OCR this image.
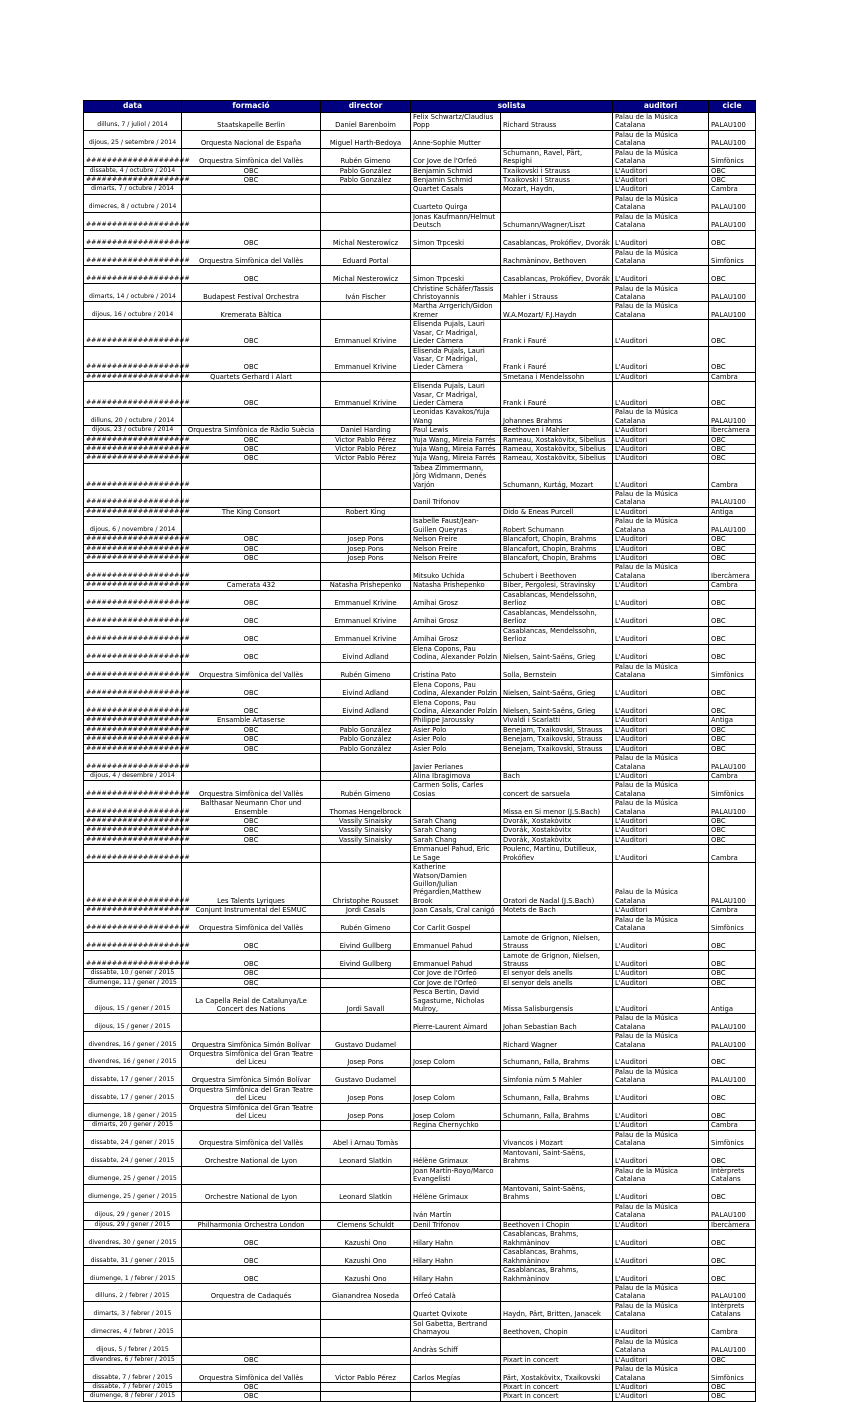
data	formació	director	solista		auditori	cicle
dilluns, 7 / juliol / 2014	Staatskapelle Berlin	Daniel Barenboim	Felix Schwartz/Claudius Popp	Richard Strauss	Palau de la Música Catalana	PALAU100
dijous, 25 / setembre / 2014	Orquesta Nacional de España	Miguel Harth-Bedoya	Anne-Sophie Mutter		Palau de la Música Catalana	PALAU100
####################	Orquestra Simfònica del Vallès	Rubén Gimeno	Cor Jove de l'Orfeó	Schumann, Ravel, Pärt, Respighi	Palau de la Música Catalana	Simfònics
dissabte, 4 / octubre / 2014	OBC	Pablo González	Benjamin Schmid	Txaikovski i Strauss	L'Auditori	OBC
####################	OBC	Pablo González	Benjamin Schmid	Txaikovski i Strauss	L'Auditori	OBC
dimarts, 7 / octubre / 2014			Quartet Casals	Mozart, Haydn,	L'Auditori	Cambra
dimecres, 8 / octubre / 2014			Cuarteto Quirga		Palau de la Música Catalana	PALAU100
####################			Jonas Kaufmann/Helmut Deutsch	Schumann/Wagner/Liszt	Palau de la Música Catalana	PALAU100
####################	OBC	Michal Nesterowicz	Simon Trpceski	Casablancas, Prokófiev, Dvorák	L'Auditori	OBC
####################	Orquestra Simfònica del Vallès	Eduard Portal		Rachmàninov, Bethoven	Palau de la Música Catalana	Simfònics
####################	OBC	Michal Nesterowicz	Simon Trpceski	Casablancas, Prokófiev, Dvorák	L'Auditori	OBC
dimarts, 14 / octubre / 2014	Budapest Festival Orchestra	Iván Fischer	Christine Schäfer/Tassis Christoyannis	Mahler i Strauss	Palau de la Música Catalana	PALAU100
dijous, 16 / octubre / 2014	Kremerata Bàltica		Martha Arrgerich/Gidon Kremer	W.A.Mozart/ F.J.Haydn	Palau de la Música Catalana	PALAU100
####################	OBC	Emmanuel Krivine	Elisenda Pujals, Lauri Vasar, Cr Madrigal, Lieder Càmera	Frank i Fauré	L'Auditori	OBC
####################	OBC	Emmanuel Krivine	Elisenda Pujals, Lauri Vasar, Cr Madrigal, Lieder Càmera	Frank i Fauré	L'Auditori	OBC
####################	Quartets Gerhard i Alart			Smetana i Mendelssohn	L'Auditori	Cambra
####################	OBC	Emmanuel Krivine	Elisenda Pujals, Lauri Vasar, Cr Madrigal, Lieder Càmera	Frank i Fauré	L'Auditori	OBC
dilluns, 20 / octubre / 2014			Leonidas Kavakos/Yuja Wang	Johannes Brahms	Palau de la Música Catalana	PALAU100
dijous, 23 / octubre / 2014	Orquestra Simfònica de Ràdio Suècia	Daniel Harding	Paul Lewis	Beethoven i Mahler	L'Auditori	Ibercàmera
####################	OBC	Victor Pablo Pérez	Yuja Wang, Mireia Farrés	Rameau, Xostakòvitx, Sibelius	L'Auditori	OBC
####################	OBC	Victor Pablo Pérez	Yuja Wang, Mireia Farrés	Rameau, Xostakòvitx, Sibelius	L'Auditori	OBC
####################	OBC	Victor Pablo Pérez	Yuja Wang, Mireia Farrés	Rameau, Xostakòvitx, Sibelius	L'Auditori	OBC
####################			Tabea Zimmermann, Jörg Widmann, Denés Varjón	Schumann, Kurtág, Mozart	L'Auditori	Cambra
####################			Danil Trifonov		Palau de la Música Catalana	PALAU100
####################	The King Consort	Robert King		Dido & Eneas Purcell	L'Auditori	Antiga
dijous, 6 / novembre / 2014			Isabelle Faust/Jean-Guillen Queyras	Robert Schumann	Palau de la Música Catalana	PALAU100
####################	OBC	Josep Pons	Nelson Freire	Blancafort, Chopin, Brahms	L'Auditori	OBC
####################	OBC	Josep Pons	Nelson Freire	Blancafort, Chopin, Brahms	L'Auditori	OBC
####################	OBC	Josep Pons	Nelson Freire	Blancafort, Chopin, Brahms	L'Auditori	OBC
####################			Mitsuko Uchida	Schubert i Beethoven	Palau de la Música Catalana	Ibercàmera
####################	Camerata 432	Natasha Prishepenko	Natasha Prishepenko	Biber, Pergolesi, Stravinsky	L'Auditori	Cambra
####################	OBC	Emmanuel Krivine	Amihai Grosz	Casablancas, Mendelssohn, Berlioz	L'Auditori	OBC
####################	OBC	Emmanuel Krivine	Amihai Grosz	Casablancas, Mendelssohn, Berlioz	L'Auditori	OBC
####################	OBC	Emmanuel Krivine	Amihai Grosz	Casablancas, Mendelssohn, Berlioz	L'Auditori	OBC
####################	OBC	Eivind Adland	Elena Copons, Pau Codina, Alexander Polzin	Nielsen, Saint-Saëns, Grieg	L'Auditori	OBC
####################	Orquestra Simfònica del Vallès	Rubén Gimeno	Cristina Pato	Solla, Bernstein	Palau de la Música Catalana	Simfònics
####################	OBC	Eivind Adland	Elena Copons, Pau Codina, Alexander Polzin	Nielsen, Saint-Saëns, Grieg	L'Auditori	OBC
####################	OBC	Eivind Adland	Elena Copons, Pau Codina, Alexander Polzin	Nielsen, Saint-Saëns, Grieg	L'Auditori	OBC
####################	Ensamble Artaserse		Philippe Jaroussky	Vivaldi i Scarlatti	L'Auditori	Antiga
####################	OBC	Pablo González	Asier Polo	Benejam, Txaikovski, Strauss	L'Auditori	OBC
####################	OBC	Pablo González	Asier Polo	Benejam, Txaikovski, Strauss	L'Auditori	OBC
####################	OBC	Pablo González	Asier Polo	Benejam, Txaikovski, Strauss	L'Auditori	OBC
####################			Javier Perianes		Palau de la Música Catalana	PALAU100
dijous, 4 / desembre / 2014			Alina Ibragimova	Bach	L'Auditori	Cambra
####################	Orquestra Simfònica del Vallès	Rubén Gimeno	Carmen Solis, Carles Cosias	concert de sarsuela	Palau de la Música Catalana	Simfònics
####################	Balthasar Neumann Chor und Ensemble	Thomas Hengelbrock		Missa en Si menor (J.S.Bach)	Palau de la Música Catalana	PALAU100
####################	OBC	Vassily Sinaisky	Sarah Chang	Dvorák, Xostakòvitx	L'Auditori	OBC
####################	OBC	Vassily Sinaisky	Sarah Chang	Dvorák, Xostakòvitx	L'Auditori	OBC
####################	OBC	Vassily Sinaisky	Sarah Chang	Dvorák, Xostakòvitx	L'Auditori	OBC
####################			Emmanuel Pahud, Eric Le Sage	Poulenc, Martinu, Dutilleux, Prokófiev	L'Auditori	Cambra
####################	Les Talents Lyriques	Christophe Rousset	Katherine Watson/Damien Guillon/Julian Prégardien,Matthew Brook	Oratori de Nadal (J.S.Bach)	Palau de la Música Catalana	PALAU100
####################	Conjunt Instrumental del ESMUC	Jordi Casals	Joan Casals, Cral canigó	Motets de Bach	L'Auditori	Cambra
####################	Orquestra Simfònica del Vallès	Rubén Gimeno	Cor Carlit Gospel		Palau de la Música Catalana	Simfònics
####################	OBC	Eivind Gullberg	Emmanuel Pahud	Lamote de Grignon, Nielsen, Strauss	L'Auditori	OBC
####################	OBC	Eivind Gullberg	Emmanuel Pahud	Lamote de Grignon, Nielsen, Strauss	L'Auditori	OBC
dissabte, 10 / gener / 2015	OBC		Cor Jove de l'Orfeó	El senyor dels anells	L'Auditori	OBC
diumenge, 11 / gener / 2015	OBC		Cor Jove de l'Orfeó	El senyor dels anells	L'Auditori	OBC
dijous, 15 / gener / 2015	La Capella Reial de Catalunya/Le Concert des Nations	Jordi Savall	Pesca Bertin, David Sagastume, Nicholas Mulroy,	Missa Salisburgensis	L'Auditori	Antiga
dijous, 15 / gener / 2015			Pierre-Laurent Aimard	Johan Sebastian Bach	Palau de la Música Catalana	PALAU100
divendres, 16 / gener / 2015	Orquestra Simfònica Simón Bolívar	Gustavo Dudamel		Richard Wagner	Palau de la Música Catalana	PALAU100
divendres, 16 / gener / 2015	Orquestra Simfònica del Gran Teatre del Liceu	Josep Pons	Josep Colom	Schumann, Falla, Brahms	L'Auditori	OBC
dissabte, 17 / gener / 2015	Orquestra Simfònica Simón Bolívar	Gustavo Dudamel		Simfonia núm 5 Mahler	Palau de la Música Catalana	PALAU100
dissabte, 17 / gener / 2015	Orquestra Simfònica del Gran Teatre del Liceu	Josep Pons	Josep Colom	Schumann, Falla, Brahms	L'Auditori	OBC
diumenge, 18 / gener / 2015	Orquestra Simfònica del Gran Teatre del Liceu	Josep Pons	Josep Colom	Schumann, Falla, Brahms	L'Auditori	OBC
dimarts, 20 / gener / 2015			Regina Chernychko		L'Auditori	Cambra
dissabte, 24 / gener / 2015	Orquestra Simfònica del Vallès	Abel i Arnau Tomàs		Vivancos i Mozart	Palau de la Música Catalana	Simfònics
dissabte, 24 / gener / 2015	Orchestre National de Lyon	Leonard Slatkin	Hélène Grimaux	Mantovani, Saint-Saëns, Brahms	L'Auditori	OBC
diumenge, 25 / gener / 2015			Joan Martín-Royo/Marco Evangelisti		Palau de la Música Catalana	Intèrprets Catalans
diumenge, 25 / gener / 2015	Orchestre National de Lyon	Leonard Slatkin	Hélène Grimaux	Mantovani, Saint-Saëns, Brahms	L'Auditori	OBC
dijous, 29 / gener / 2015			Iván Martín		Palau de la Música Catalana	PALAU100
dijous, 29 / gener / 2015	Philharmonia Orchestra London	Clemens Schuldt	Denil Trifonov	Beethoven i Chopin	L'Auditori	Ibercàmera
divendres, 30 / gener / 2015	OBC	Kazushi Ono	Hilary Hahn	Casablancas, Brahms, Rakhmàninov	L'Auditori	OBC
dissabte, 31 / gener / 2015	OBC	Kazushi Ono	Hilary Hahn	Casablancas, Brahms, Rakhmàninov	L'Auditori	OBC
diumenge, 1 / febrer / 2015	OBC	Kazushi Ono	Hilary Hahn	Casablancas, Brahms, Rakhmàninov	L'Auditori	OBC
dilluns, 2 / febrer / 2015	Orquestra de Cadaqués	Gianandrea Noseda	Orfeó Català		Palau de la Música Catalana	PALAU100
dimarts, 3 / febrer / 2015			Quartet Qvixote	Haydn, Pärt, Britten, Janacek	Palau de la Música Catalana	Intèrprets Catalans
dimecres, 4 / febrer / 2015			Sol Gabetta, Bertrand Chamayou	Beethoven, Chopin	L'Auditori	Cambra
dijous, 5 / febrer / 2015			Andràs Schiff		Palau de la Música Catalana	PALAU100
divendres, 6 / febrer / 2015	OBC			Pixart in concert	L'Auditori	OBC
dissabte, 7 / febrer / 2015	Orquestra Simfònica del Vallès	Victor Pablo Pérez	Carlos Megías	Pärt, Xostakòvitx, Txaikovski	Palau de la Música Catalana	Simfònics
dissabte, 7 / febrer / 2015	OBC			Pixart in concert	L'Auditori	OBC
diumenge, 8 / febrer / 2015	OBC			Pixart in concert	L'Auditori	OBC
